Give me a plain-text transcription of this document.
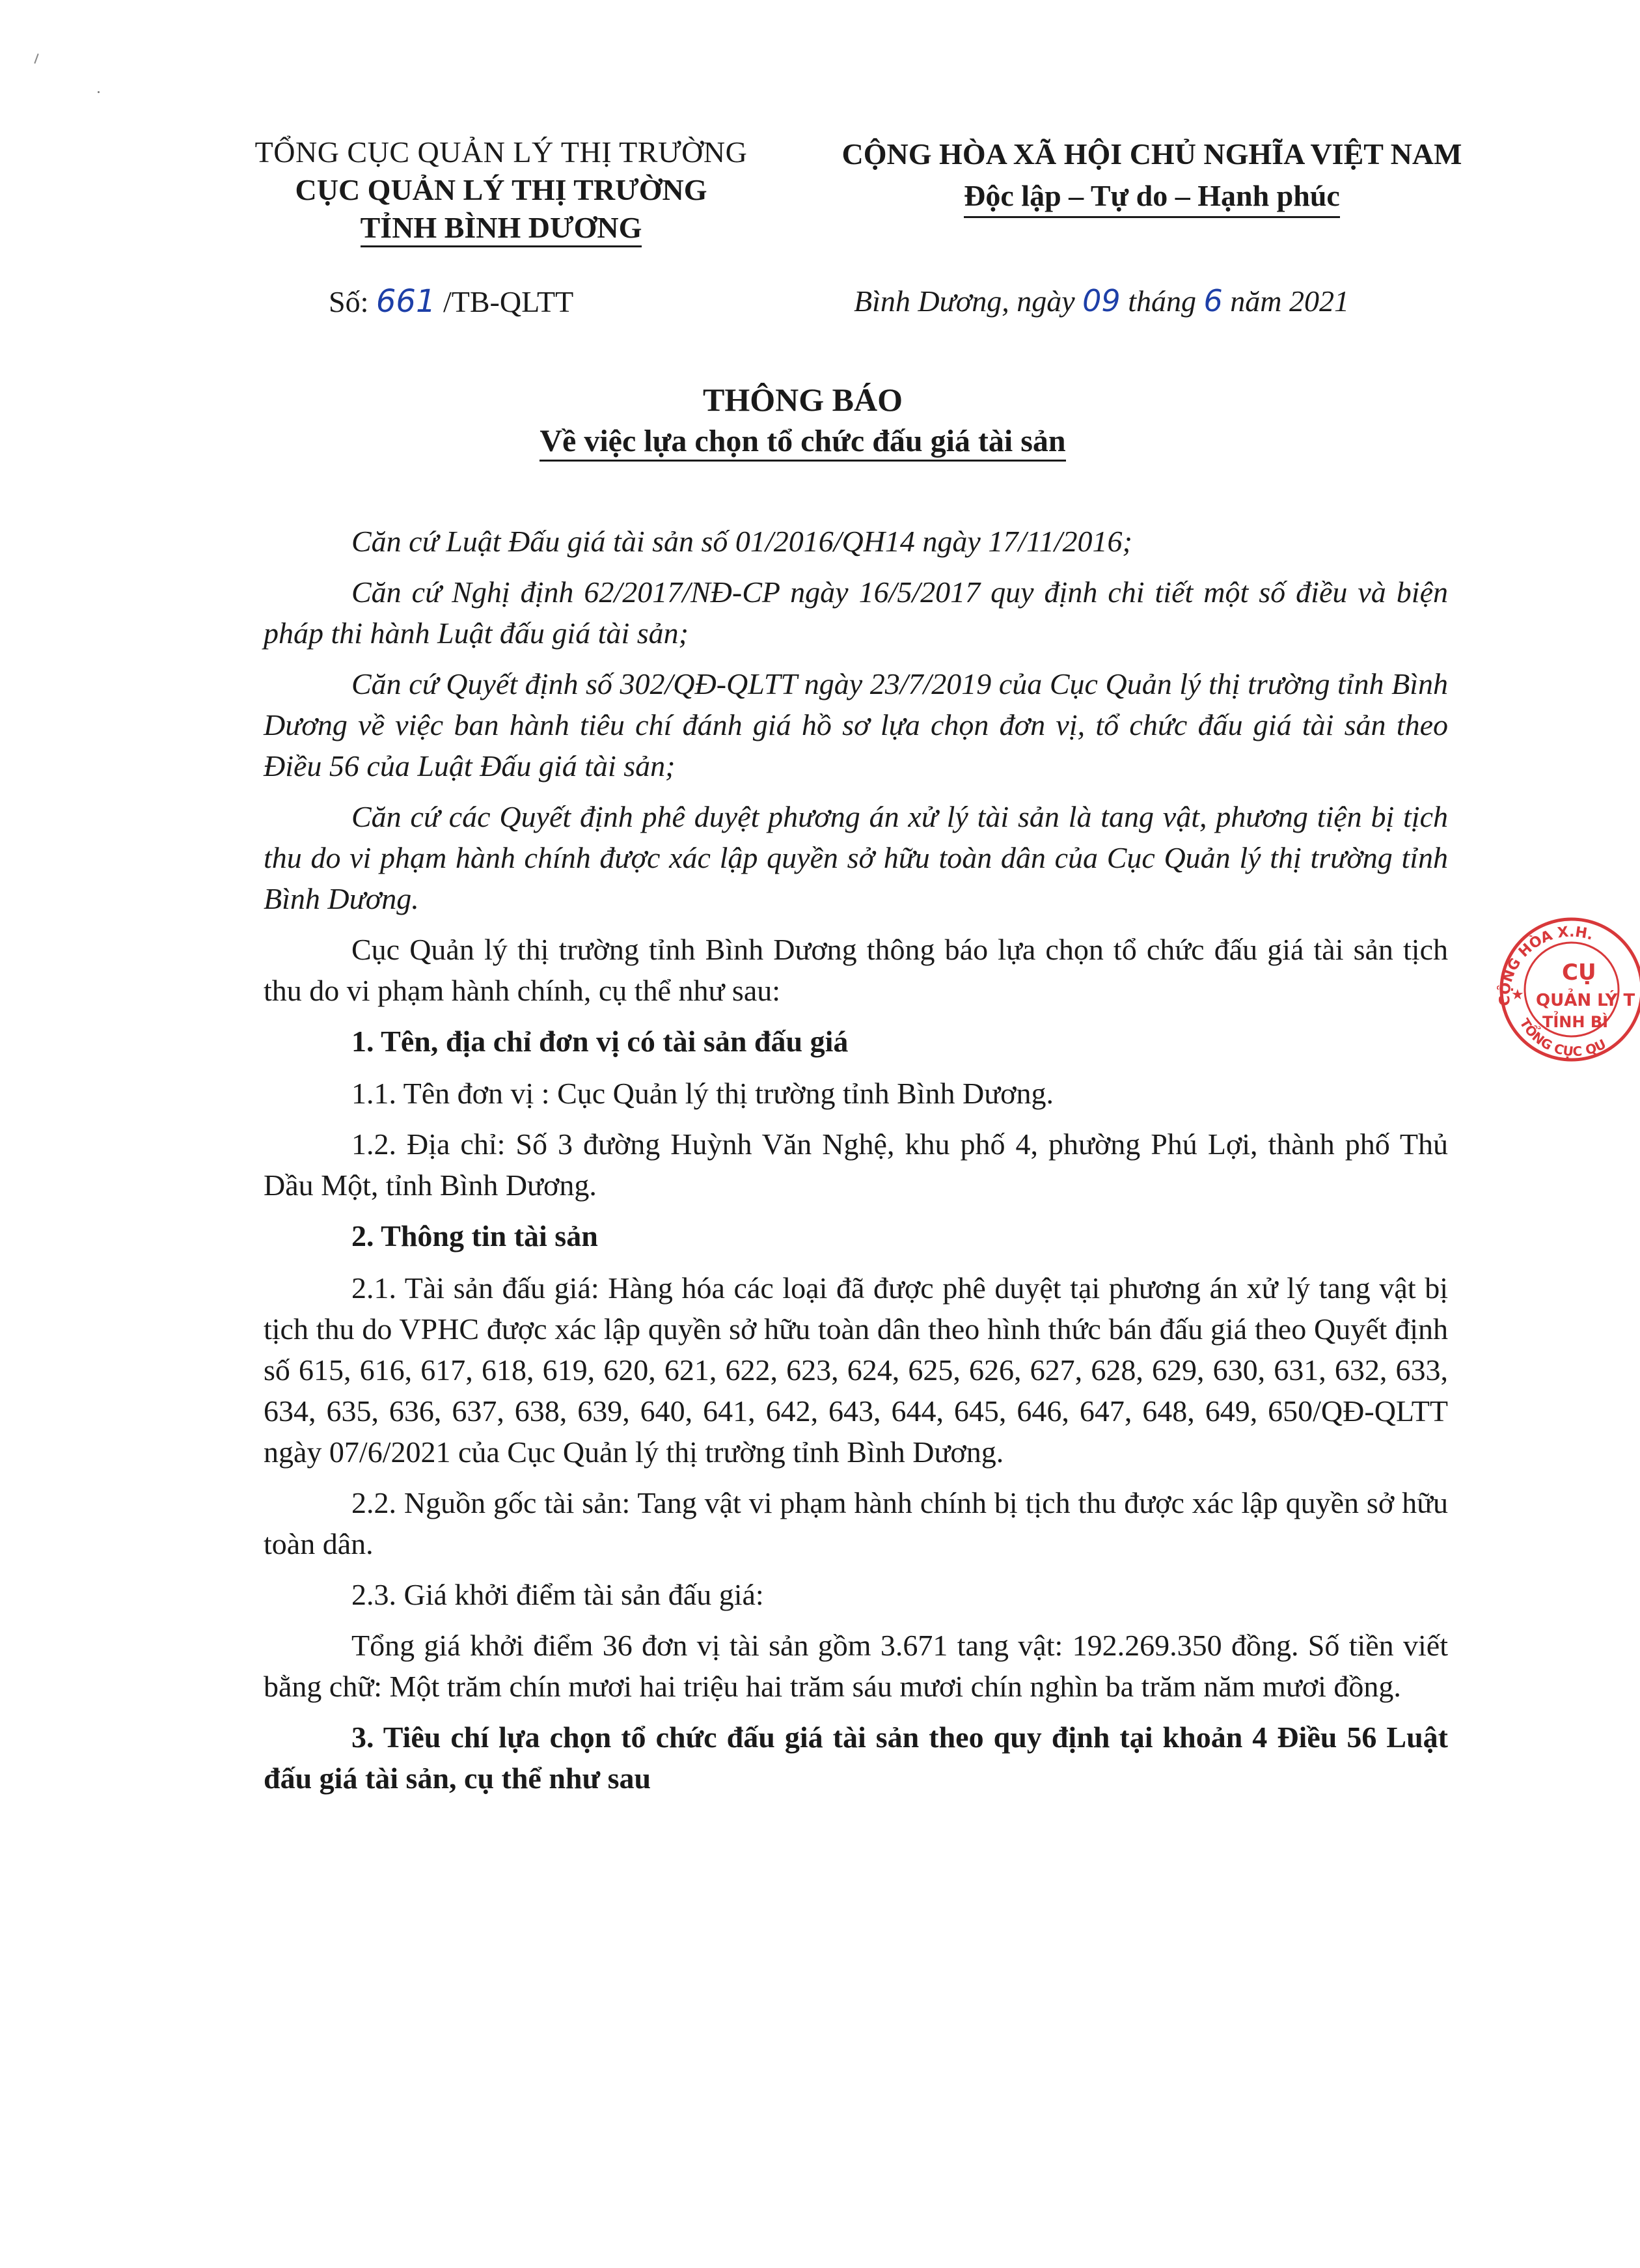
TỔNG CỤC QUẢN LÝ THỊ TRƯỜNG
CỤC QUẢN LÝ THỊ TRƯỜNG
TỈNH BÌNH DƯƠNG
CỘNG HÒA XÃ HỘI CHỦ NGHĨA VIỆT NAM
Độc lập – Tự do – Hạnh phúc
Số: 661 /TB-QLTT	Bình Dương, ngày 09 tháng 6 năm 2021
THÔNG BÁO
Về việc lựa chọn tổ chức đấu giá tài sản

Căn cứ Luật Đấu giá tài sản số 01/2016/QH14 ngày 17/11/2016;

Căn cứ Nghị định 62/2017/NĐ-CP ngày 16/5/2017 quy định chi tiết một số điều và biện pháp thi hành Luật đấu giá tài sản;

Căn cứ Quyết định số 302/QĐ-QLTT ngày 23/7/2019 của Cục Quản lý thị trường tỉnh Bình Dương về việc ban hành tiêu chí đánh giá hồ sơ lựa chọn đơn vị, tổ chức đấu giá tài sản theo Điều 56 của Luật Đấu giá tài sản;

Căn cứ các Quyết định phê duyệt phương án xử lý tài sản là tang vật, phương tiện bị tịch thu do vi phạm hành chính được xác lập quyền sở hữu toàn dân của Cục Quản lý thị trường tỉnh Bình Dương.

Cục Quản lý thị trường tỉnh Bình Dương thông báo lựa chọn tổ chức đấu giá tài sản tịch thu do vi phạm hành chính, cụ thể như sau:

1. Tên, địa chỉ đơn vị có tài sản đấu giá

1.1. Tên đơn vị : Cục Quản lý thị trường tỉnh Bình Dương.

1.2. Địa chỉ: Số 3 đường Huỳnh Văn Nghệ, khu phố 4, phường Phú Lợi, thành phố Thủ Dầu Một, tỉnh Bình Dương.

2. Thông tin tài sản

2.1. Tài sản đấu giá: Hàng hóa các loại đã được phê duyệt tại phương án xử lý tang vật bị tịch thu do VPHC được xác lập quyền sở hữu toàn dân theo hình thức bán đấu giá theo Quyết định số 615, 616, 617, 618, 619, 620, 621, 622, 623, 624, 625, 626, 627, 628, 629, 630, 631, 632, 633, 634, 635, 636, 637, 638, 639, 640, 641, 642, 643, 644, 645, 646, 647, 648, 649, 650/QĐ-QLTT ngày 07/6/2021 của Cục Quản lý thị trường tỉnh Bình Dương.

2.2. Nguồn gốc tài sản: Tang vật vi phạm hành chính bị tịch thu được xác lập quyền sở hữu toàn dân.

2.3. Giá khởi điểm tài sản đấu giá:

Tổng giá khởi điểm 36 đơn vị tài sản gồm 3.671 tang vật: 192.269.350 đồng. Số tiền viết bằng chữ: Một trăm chín mươi hai triệu hai trăm sáu mươi chín nghìn ba trăm năm mươi đồng.

3. Tiêu chí lựa chọn tổ chức đấu giá tài sản theo quy định tại khoản 4 Điều 56 Luật đấu giá tài sản, cụ thể như sau

CỘNG HÒA X.H.
TỔNG CỤC QU
CỤ
QUẢN LÝ T
TỈNH BÌ
★
